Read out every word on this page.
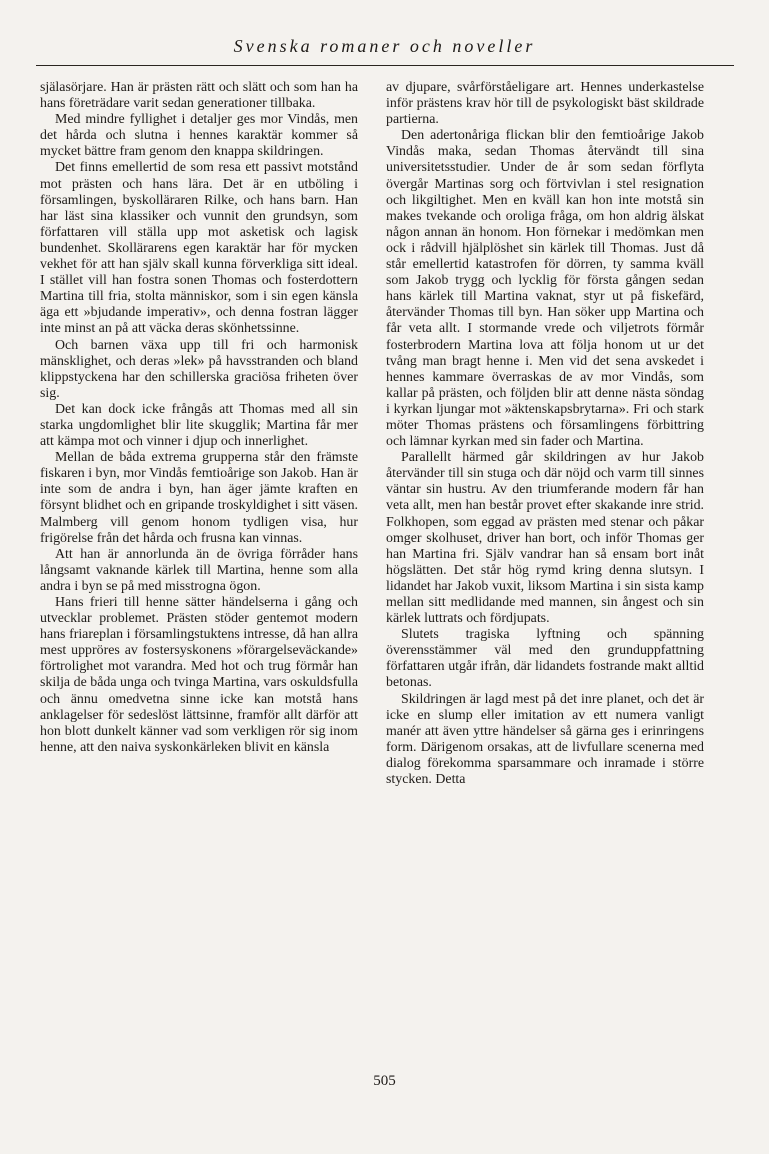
Svenska romaner och noveller

själasörjare. Han är prästen rätt och slätt och som han ha hans företrädare varit sedan generationer tillbaka.

Med mindre fyllighet i detaljer ges mor Vindås, men det hårda och slutna i hennes karaktär kommer så mycket bättre fram genom den knappa skildringen.

Det finns emellertid de som resa ett passivt motstånd mot prästen och hans lära. Det är en utböling i församlingen, byskolläraren Rilke, och hans barn. Han har läst sina klassiker och vunnit den grundsyn, som författaren vill ställa upp mot asketisk och lagisk bundenhet. Skollärarens egen karaktär har för mycken vekhet för att han själv skall kunna förverkliga sitt ideal. I stället vill han fostra sonen Thomas och fosterdottern Martina till fria, stolta människor, som i sin egen känsla äga ett »bjudande imperativ», och denna fostran lägger inte minst an på att väcka deras skönhetssinne.

Och barnen växa upp till fri och harmonisk mänsklighet, och deras »lek» på havsstranden och bland klippstyckena har den schillerska graciösa friheten över sig.

Det kan dock icke frångås att Thomas med all sin starka ungdomlighet blir lite skugglik; Martina får mer att kämpa mot och vinner i djup och innerlighet.

Mellan de båda extrema grupperna står den främste fiskaren i byn, mor Vindås femtioårige son Jakob. Han är inte som de andra i byn, han äger jämte kraften en försynt blidhet och en gripande troskyldighet i sitt väsen. Malmberg vill genom honom tydligen visa, hur frigörelse från det hårda och frusna kan vinnas.

Att han är annorlunda än de övriga förråder hans långsamt vaknande kärlek till Martina, henne som alla andra i byn se på med misstrogna ögon.

Hans frieri till henne sätter händelserna i gång och utvecklar problemet. Prästen stöder gentemot modern hans friareplan i församlingstuktens intresse, då han allra mest uppröres av fostersyskonens »förargelseväckande» förtrolighet mot varandra. Med hot och trug förmår han skilja de båda unga och tvinga Martina, vars oskuldsfulla och ännu omedvetna sinne icke kan motstå hans anklagelser för sedeslöst lättsinne, framför allt därför att hon blott dunkelt känner vad som verkligen rör sig inom henne, att den naiva syskonkärleken blivit en känsla

av djupare, svårförståeligare art. Hennes underkastelse inför prästens krav hör till de psykologiskt bäst skildrade partierna.

Den adertonåriga flickan blir den femtioårige Jakob Vindås maka, sedan Thomas återvändt till sina universitetsstudier. Under de år som sedan förflyta övergår Martinas sorg och förtvivlan i stel resignation och likgiltighet. Men en kväll kan hon inte motstå sin makes tvekande och oroliga fråga, om hon aldrig älskat någon annan än honom. Hon förnekar i medömkan men ock i rådvill hjälplöshet sin kärlek till Thomas. Just då står emellertid katastrofen för dörren, ty samma kväll som Jakob trygg och lycklig för första gången sedan hans kärlek till Martina vaknat, styr ut på fiskefärd, återvänder Thomas till byn. Han söker upp Martina och får veta allt. I stormande vrede och viljetrots förmår fosterbrodern Martina lova att följa honom ut ur det tvång man bragt henne i. Men vid det sena avskedet i hennes kammare överraskas de av mor Vindås, som kallar på prästen, och följden blir att denne nästa söndag i kyrkan ljungar mot »äktenskapsbrytarna». Fri och stark möter Thomas prästens och församlingens förbittring och lämnar kyrkan med sin fader och Martina.

Parallellt härmed går skildringen av hur Jakob återvänder till sin stuga och där nöjd och varm till sinnes väntar sin hustru. Av den triumferande modern får han veta allt, men han består provet efter skakande inre strid. Folkhopen, som eggad av prästen med stenar och påkar omger skolhuset, driver han bort, och inför Thomas ger han Martina fri. Själv vandrar han så ensam bort inåt högslätten. Det står hög rymd kring denna slutsyn. I lidandet har Jakob vuxit, liksom Martina i sin sista kamp mellan sitt medlidande med mannen, sin ångest och sin kärlek luttrats och fördjupats.

Slutets tragiska lyftning och spänning överensstämmer väl med den grunduppfattning författaren utgår ifrån, där lidandets fostrande makt alltid betonas.

Skildringen är lagd mest på det inre planet, och det är icke en slump eller imitation av ett numera vanligt manér att även yttre händelser så gärna ges i erinringens form. Därigenom orsakas, att de livfullare scenerna med dialog förekomma sparsammare och inramade i större stycken. Detta

505
